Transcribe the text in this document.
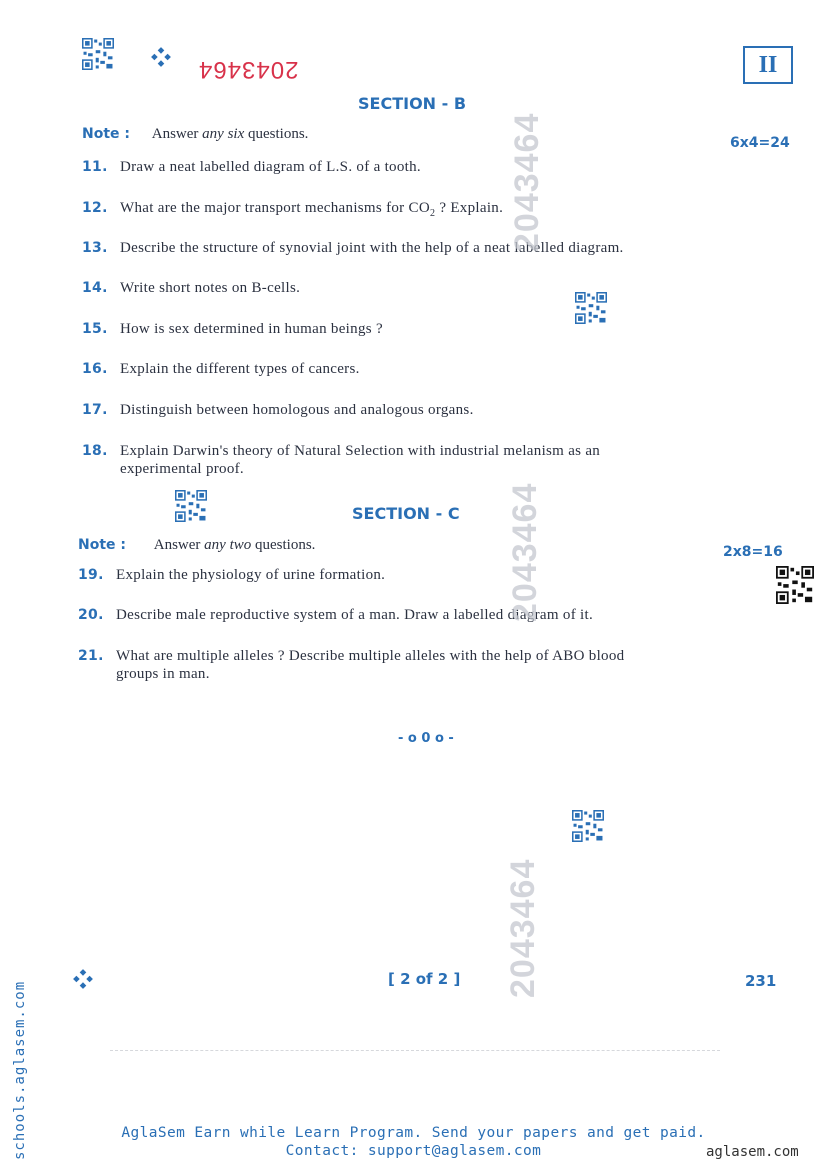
2043464	II
SECTION - B
Note : Answer any six questions.
6x4=24
11. Draw a neat labelled diagram of L.S. of a tooth.
12. What are the major transport mechanisms for $CO_2$ ? Explain.
13. Describe the structure of synovial joint with the help of a neat labelled diagram.
14. Write short notes on B-cells.
15. How is sex determined in human beings ?
16. Explain the different types of cancers.
17. Distinguish between homologous and analogous organs.
18. Explain Darwin's theory of Natural Selection with industrial melanism as an
experimental proof.
SECTION - C
Note : Answer any two questions.	2x8=16
19. Explain the physiology of urine formation.
20. Describe male reproductive system of a man. Draw a labelled diagram of it.
21. What are multiple alleles ? Describe multiple alleles with the help of ABO blood
groups in man.
- o 0 o -
2043464
2043464
2043464
[ 2 of 2 ]	231
schools.aglasem.com	AglaSem Earn while Learn Program. Send your papers and get paid.
Contact: support@aglasem.com	aglasem.com
